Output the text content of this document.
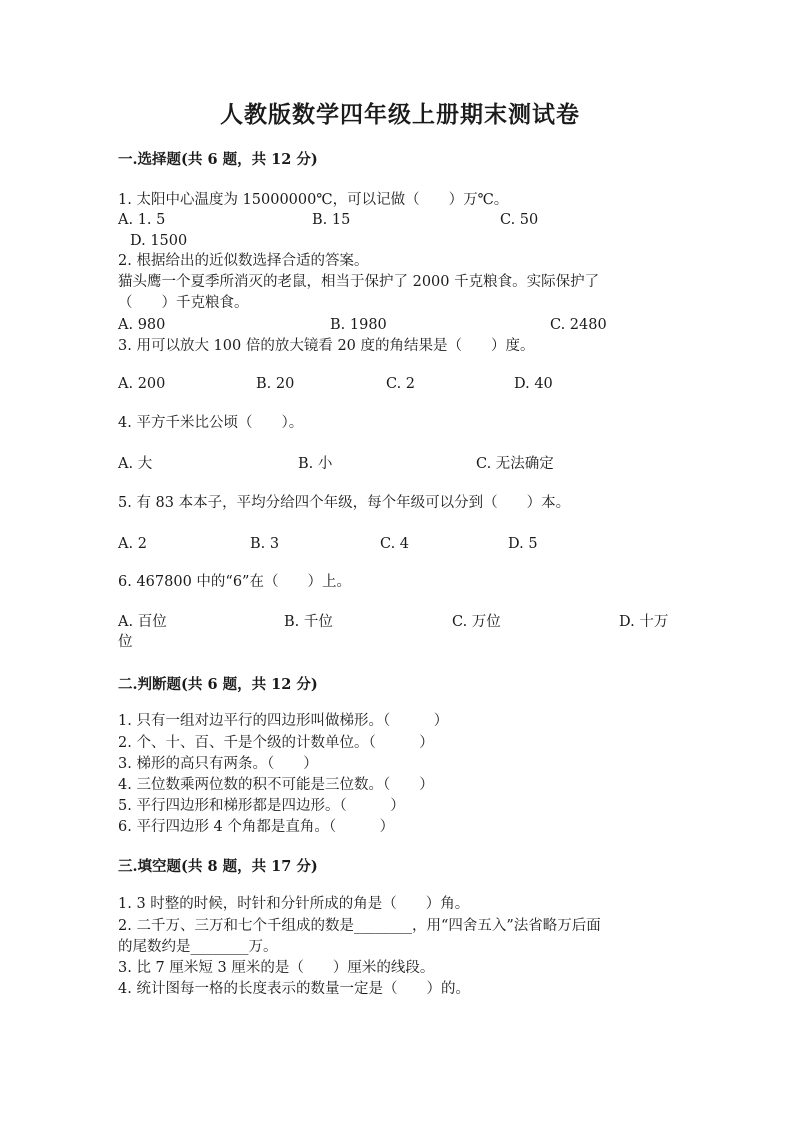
人教版数学四年级上册期末测试卷
一.选择题(共 6 题，共 12 分)
1. 太阳中心温度为 15000000℃，可以记做（　　）万℃。
A. 1. 5	B. 15	C. 50
D. 1500
2. 根据给出的近似数选择合适的答案。
猫头鹰一个夏季所消灭的老鼠，相当于保护了 2000 千克粮食。实际保护了
（　　）千克粮食。
A. 980	B. 1980	C. 2480
3. 用可以放大 100 倍的放大镜看 20 度的角结果是（　　）度。
A. 200	B. 20	C. 2	D. 40
4. 平方千米比公顷（　　）。
A. 大	B. 小	C. 无法确定
5. 有 83 本本子，平均分给四个年级，每个年级可以分到（　　）本。
A. 2	B. 3	C. 4	D. 5
6. 467800 中的“6”在（　　）上。
A. 百位	B. 千位	C. 万位	D. 十万
位
二.判断题(共 6 题，共 12 分)
1. 只有一组对边平行的四边形叫做梯形。（　　　）
2. 个、十、百、千是个级的计数单位。（　　　）
3. 梯形的高只有两条。（　　）
4. 三位数乘两位数的积不可能是三位数。（　　）
5. 平行四边形和梯形都是四边形。（　　　）
6. 平行四边形 4 个角都是直角。（　　　）
三.填空题(共 8 题，共 17 分)
1. 3 时整的时候，时针和分针所成的角是（　　）角。
2. 二千万、三万和七个千组成的数是________，用“四舍五入”法省略万后面
的尾数约是________万。
3. 比 7 厘米短 3 厘米的是（　　）厘米的线段。
4. 统计图每一格的长度表示的数量一定是（　　）的。
